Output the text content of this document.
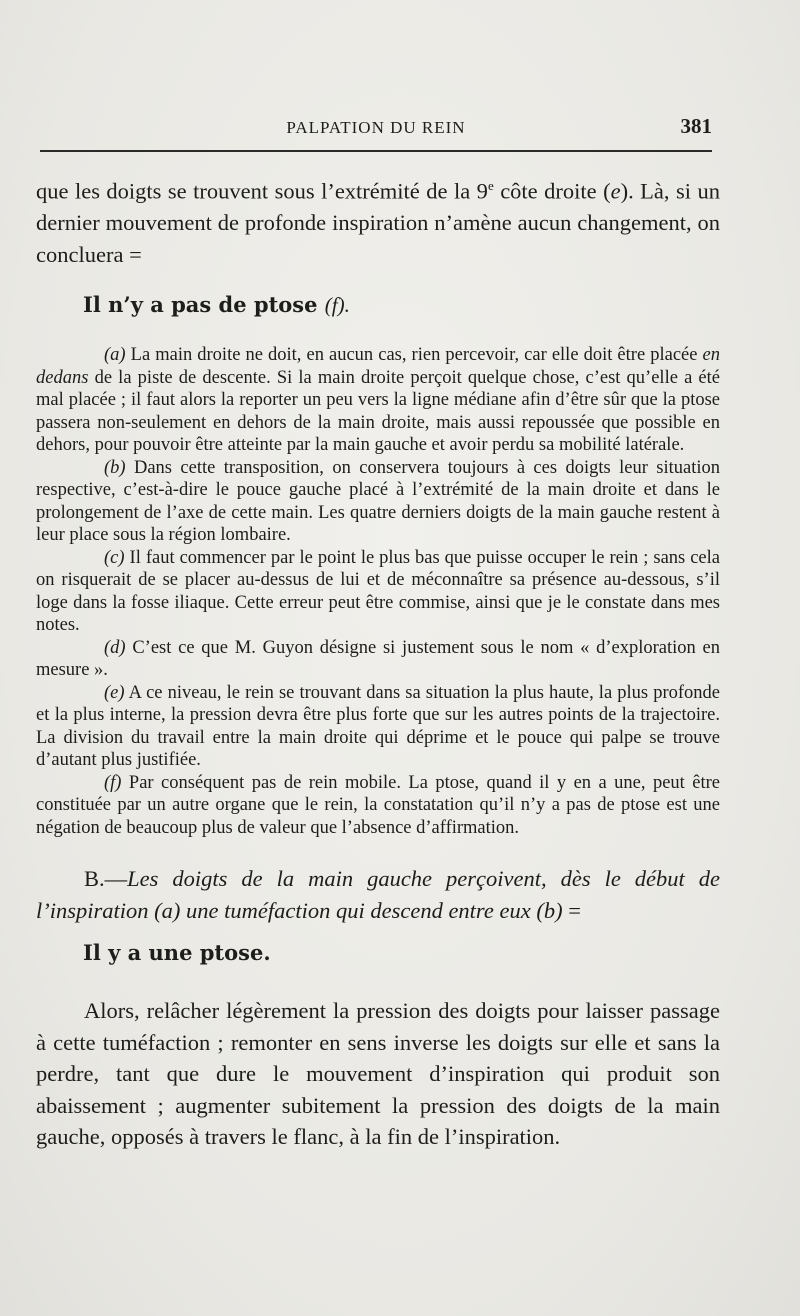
PALPATION DU REIN	381

que les doigts se trouvent sous l’extrémité de la 9e côte droite (e). Là, si un dernier mouvement de profonde inspiration n’amène aucun changement, on concluera =

Il n’y a pas de ptose (f).

(a) La main droite ne doit, en aucun cas, rien percevoir, car elle doit être placée en dedans de la piste de descente. Si la main droite perçoit quelque chose, c’est qu’elle a été mal placée ; il faut alors la reporter un peu vers la ligne médiane afin d’être sûr que la ptose passera non-seulement en dehors de la main droite, mais aussi repoussée que possible en dehors, pour pouvoir être atteinte par la main gauche et avoir perdu sa mobilité latérale.

(b) Dans cette transposition, on conservera toujours à ces doigts leur situation respective, c’est-à-dire le pouce gauche placé à l’extrémité de la main droite et dans le prolongement de l’axe de cette main. Les quatre derniers doigts de la main gauche restent à leur place sous la région lombaire.

(c) Il faut commencer par le point le plus bas que puisse occuper le rein ; sans cela on risquerait de se placer au-dessus de lui et de méconnaître sa présence au-dessous, s’il loge dans la fosse iliaque. Cette erreur peut être commise, ainsi que je le constate dans mes notes.

(d) C’est ce que M. Guyon désigne si justement sous le nom « d’exploration en mesure ».

(e) A ce niveau, le rein se trouvant dans sa situation la plus haute, la plus profonde et la plus interne, la pression devra être plus forte que sur les autres points de la trajectoire. La division du travail entre la main droite qui déprime et le pouce qui palpe se trouve d’autant plus justifiée.

(f) Par conséquent pas de rein mobile. La ptose, quand il y en a une, peut être constituée par un autre organe que le rein, la constatation qu’il n’y a pas de ptose est une négation de beaucoup plus de valeur que l’absence d’affirmation.

B.—Les doigts de la main gauche perçoivent, dès le début de l’inspiration (a) une tuméfaction qui descend entre eux (b) =

Il y a une ptose.

Alors, relâcher légèrement la pression des doigts pour laisser passage à cette tuméfaction ; remonter en sens inverse les doigts sur elle et sans la perdre, tant que dure le mouvement d’inspiration qui produit son abaissement ; augmenter subitement la pression des doigts de la main gauche, opposés à travers le flanc, à la fin de l’inspiration.
